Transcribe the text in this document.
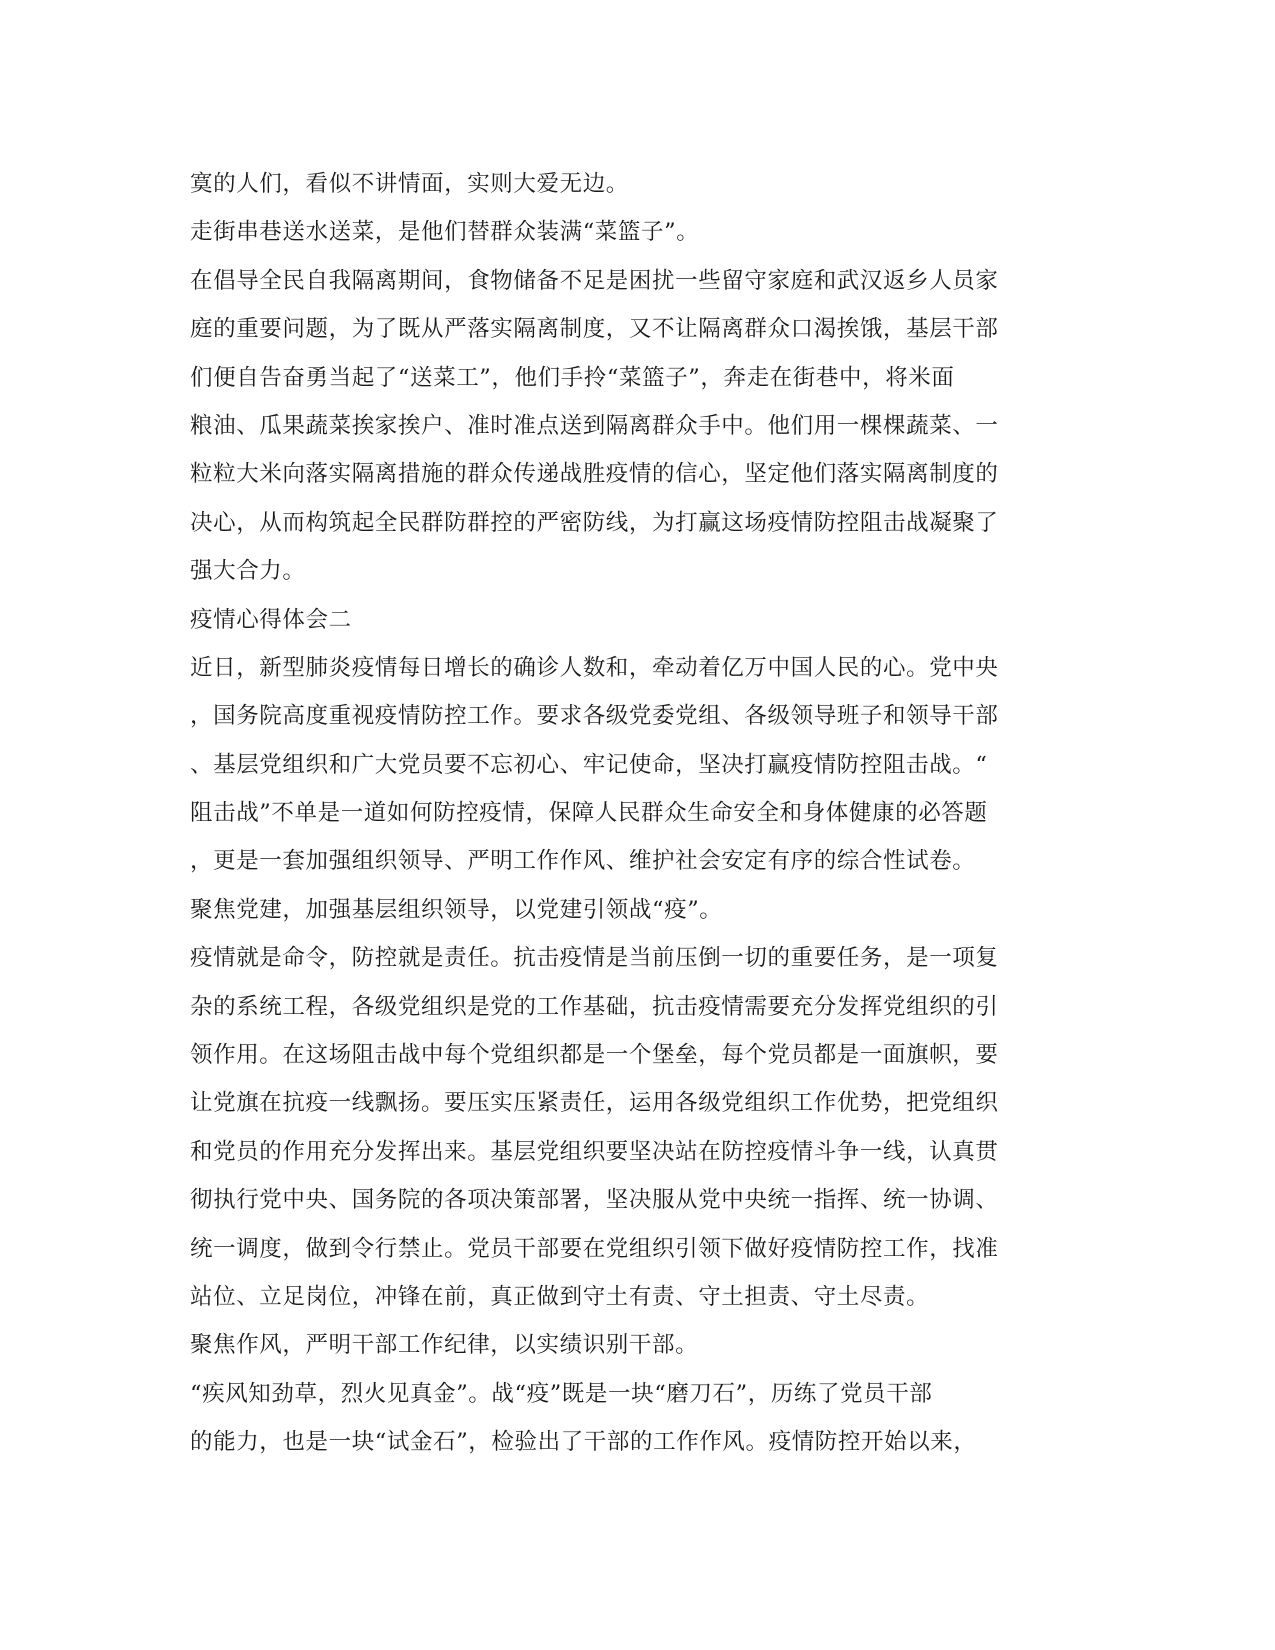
寞的人们，看似不讲情面，实则大爱无边。
走街串巷送水送菜，是他们替群众装满“菜篮子”。
在倡导全民自我隔离期间，食物储备不足是困扰一些留守家庭和武汉返乡人员家
庭的重要问题，为了既从严落实隔离制度，又不让隔离群众口渴挨饿，基层干部
们便自告奋勇当起了“送菜工”，他们手拎“菜篮子”，奔走在街巷中，将米面
粮油、瓜果蔬菜挨家挨户、准时准点送到隔离群众手中。他们用一棵棵蔬菜、一
粒粒大米向落实隔离措施的群众传递战胜疫情的信心，坚定他们落实隔离制度的
决心，从而构筑起全民群防群控的严密防线，为打赢这场疫情防控阻击战凝聚了
强大合力。
疫情心得体会二
近日，新型肺炎疫情每日增长的确诊人数和，牵动着亿万中国人民的心。党中央
，国务院高度重视疫情防控工作。要求各级党委党组、各级领导班子和领导干部
、基层党组织和广大党员要不忘初心、牢记使命，坚决打赢疫情防控阻击战。“
阻击战”不单是一道如何防控疫情，保障人民群众生命安全和身体健康的必答题
，更是一套加强组织领导、严明工作作风、维护社会安定有序的综合性试卷。
聚焦党建，加强基层组织领导，以党建引领战“疫”。
疫情就是命令，防控就是责任。抗击疫情是当前压倒一切的重要任务，是一项复
杂的系统工程，各级党组织是党的工作基础，抗击疫情需要充分发挥党组织的引
领作用。在这场阻击战中每个党组织都是一个堡垒，每个党员都是一面旗帜，要
让党旗在抗疫一线飘扬。要压实压紧责任，运用各级党组织工作优势，把党组织
和党员的作用充分发挥出来。基层党组织要坚决站在防控疫情斗争一线，认真贯
彻执行党中央、国务院的各项决策部署，坚决服从党中央统一指挥、统一协调、
统一调度，做到令行禁止。党员干部要在党组织引领下做好疫情防控工作，找准
站位、立足岗位，冲锋在前，真正做到守土有责、守土担责、守土尽责。
聚焦作风，严明干部工作纪律，以实绩识别干部。
“疾风知劲草，烈火见真金”。战“疫”既是一块“磨刀石”，历练了党员干部
的能力，也是一块“试金石”，检验出了干部的工作作风。疫情防控开始以来，
